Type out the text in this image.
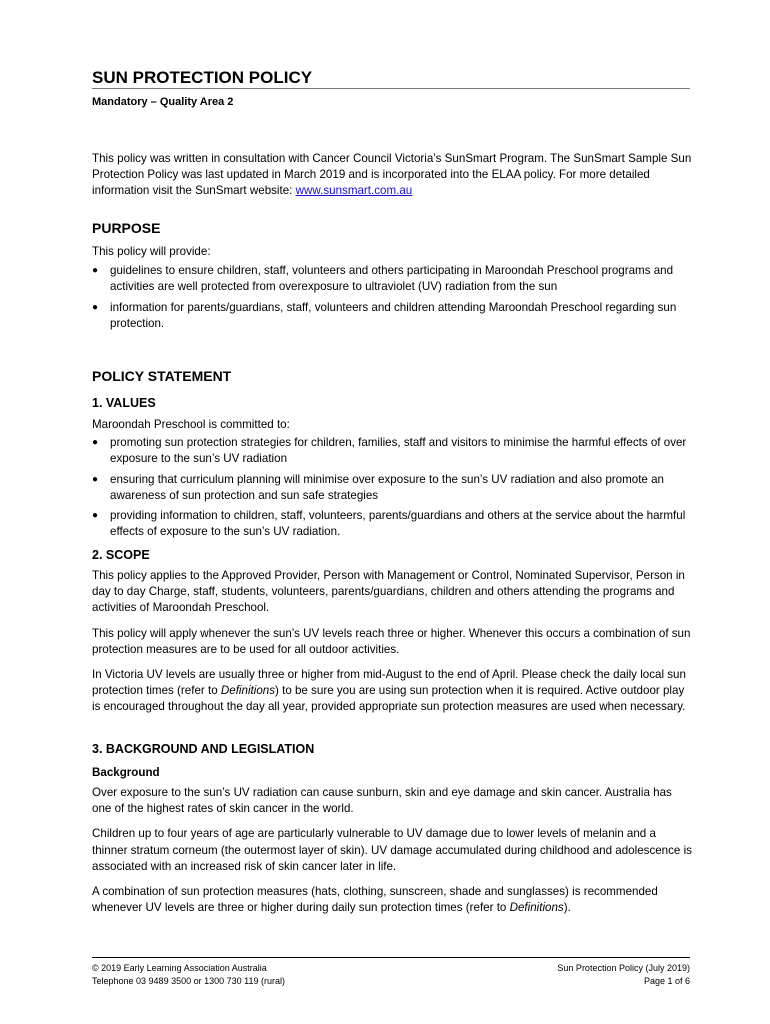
SUN PROTECTION POLICY
Mandatory – Quality Area 2

This policy was written in consultation with Cancer Council Victoria’s SunSmart Program. The SunSmart Sample Sun Protection Policy was last updated in March 2019 and is incorporated into the ELAA policy. For more detailed information visit the SunSmart website: www.sunsmart.com.au

PURPOSE

This policy will provide:

● guidelines to ensure children, staff, volunteers and others participating in Maroondah Preschool programs and activities are well protected from overexposure to ultraviolet (UV) radiation from the sun
● information for parents/guardians, staff, volunteers and children attending Maroondah Preschool regarding sun protection.
POLICY STATEMENT
1. VALUES

Maroondah Preschool is committed to:

● promoting sun protection strategies for children, families, staff and visitors to minimise the harmful effects of over exposure to the sun’s UV radiation
● ensuring that curriculum planning will minimise over exposure to the sun’s UV radiation and also promote an awareness of sun protection and sun safe strategies
● providing information to children, staff, volunteers, parents/guardians and others at the service about the harmful effects of exposure to the sun’s UV radiation.
2. SCOPE

This policy applies to the Approved Provider, Person with Management or Control, Nominated Supervisor, Person in day to day Charge, staff, students, volunteers, parents/guardians, children and others attending the programs and activities of Maroondah Preschool.

This policy will apply whenever the sun’s UV levels reach three or higher. Whenever this occurs a combination of sun protection measures are to be used for all outdoor activities.

In Victoria UV levels are usually three or higher from mid-August to the end of April. Please check the daily local sun protection times (refer to Definitions) to be sure you are using sun protection when it is required. Active outdoor play is encouraged throughout the day all year, provided appropriate sun protection measures are used when necessary.

3. BACKGROUND AND LEGISLATION
Background

Over exposure to the sun’s UV radiation can cause sunburn, skin and eye damage and skin cancer. Australia has one of the highest rates of skin cancer in the world.

Children up to four years of age are particularly vulnerable to UV damage due to lower levels of melanin and a thinner stratum corneum (the outermost layer of skin). UV damage accumulated during childhood and adolescence is associated with an increased risk of skin cancer later in life.

A combination of sun protection measures (hats, clothing, sunscreen, shade and sunglasses) is recommended whenever UV levels are three or higher during daily sun protection times (refer to Definitions).

© 2019 Early Learning Association Australia
Telephone 03 9489 3500 or 1300 730 119 (rural)
Sun Protection Policy (July 2019)
Page 1 of 6
